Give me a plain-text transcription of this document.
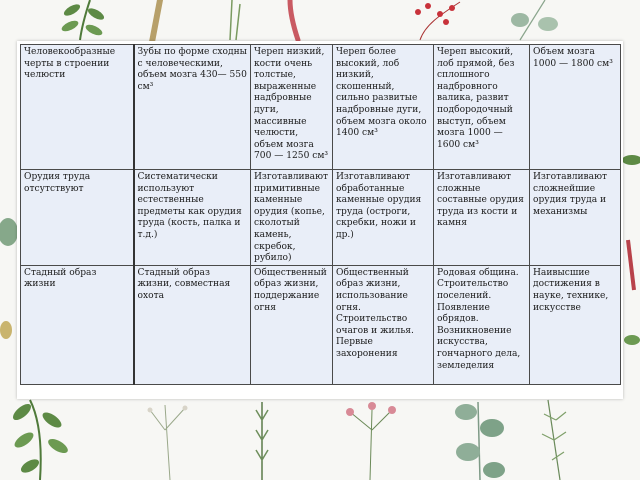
Человекообразные черты в строении челюсти	Зубы по форме сходны с человеческими, объем мозга 430— 550 см³	Череп низкий, кости очень толстые, выраженные надбровные дуги, массивные челюсти, объем мозга 700 — 1250 см³	Череп более высокий, лоб низкий, скошенный, сильно развитые надбровные дуги, объем мозга около 1400 см³	Череп высокий, лоб прямой, без сплошного надбровного валика, развит подбородочный выступ, объем мозга 1000 — 1600 см³	Объем мозга 1000 — 1800 см³

Орудия труда отсутствуют	Систематически используют естественные предметы как орудия труда (кость, палка и т.д.)	Изготавливают примитивные каменные орудия (копье, сколотый камень, скребок, рубило)	Изготавливают обработанные каменные орудия труда (остроги, скребки, ножи и др.)	Изготавливают сложные составные орудия труда из кости и камня	Изготавливают сложнейшие орудия труда и механизмы

Стадный образ жизни	Стадный образ жизни, совместная охота	Общественный образ жизни, поддержание огня	Общественный образ жизни, использование огня. Строительство очагов и жилья. Первые захоронения	Родовая община. Строительство поселений. Появление обрядов. Возникновение искусства, гончарного дела, земледелия	Наивысшие достижения в науке, технике, искусстве
